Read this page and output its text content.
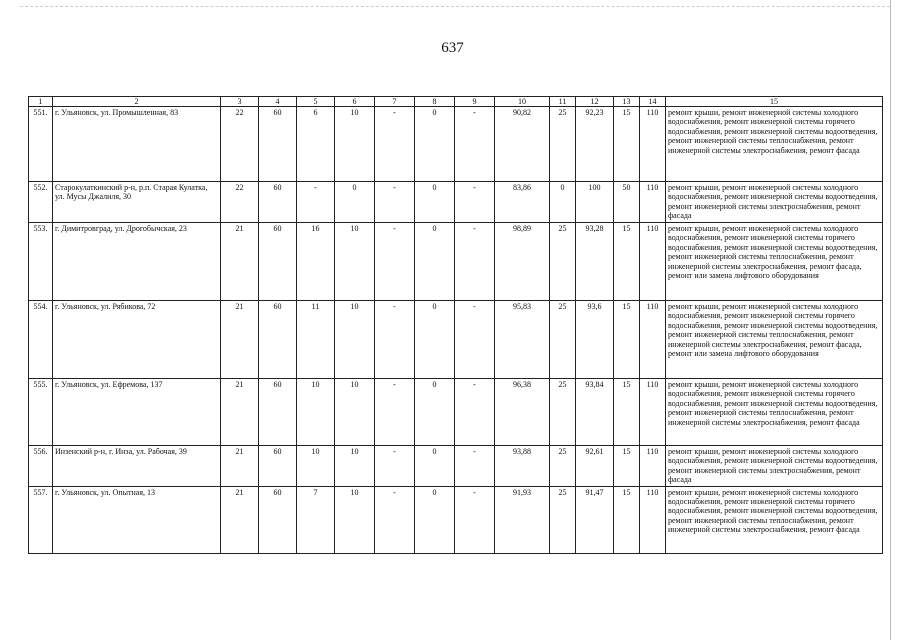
637
1	2	3	4	5	6	7	8	9	10	11	12	13	14	15
551.	г. Ульяновск, ул. Промышленная, 83	22	60	6	10	-	0	-	90,82	25	92,23	15	110	ремонт крыши, ремонт инженерной системы холодного водоснабжения, ремонт инженерной системы горячего водоснабжения, ремонт инженерной системы водоотведения, ремонт инженерной системы теплоснабжения, ремонт инженерной системы электроснабжения, ремонт фасада
552.	Старокулаткинский р-н, р.п. Старая Кулатка, ул. Мусы Джалиля, 30	22	60	-	0	-	0	-	83,86	0	100	50	110	ремонт крыши, ремонт инженерной системы холодного водоснабжения, ремонт инженерной системы водоотведения, ремонт инженерной системы электроснабжения, ремонт фасада
553.	г. Димитровград, ул. Дрогобычская, 23	21	60	16	10	-	0	-	98,89	25	93,28	15	110	ремонт крыши, ремонт инженерной системы холодного водоснабжения, ремонт инженерной системы горячего водоснабжения, ремонт инженерной системы водоотведения, ремонт инженерной системы теплоснабжения, ремонт инженерной системы электроснабжения, ремонт фасада, ремонт или замена лифтового оборудования
554.	г. Ульяновск, ул. Рябикова, 72	21	60	11	10	-	0	-	95,83	25	93,6	15	110	ремонт крыши, ремонт инженерной системы холодного водоснабжения, ремонт инженерной системы горячего водоснабжения, ремонт инженерной системы водоотведения, ремонт инженерной системы теплоснабжения, ремонт инженерной системы электроснабжения, ремонт фасада, ремонт или замена лифтового оборудования
555.	г. Ульяновск, ул. Ефремова, 137	21	60	10	10	-	0	-	96,38	25	93,84	15	110	ремонт крыши, ремонт инженерной системы холодного водоснабжения, ремонт инженерной системы горячего водоснабжения, ремонт инженерной системы водоотведения, ремонт инженерной системы теплоснабжения, ремонт инженерной системы электроснабжения, ремонт фасада
556.	Инзенский р-н, г. Инза, ул. Рабочая, 39	21	60	10	10	-	0	-	93,88	25	92,61	15	110	ремонт крыши, ремонт инженерной системы холодного водоснабжения, ремонт инженерной системы водоотведения, ремонт инженерной системы электроснабжения, ремонт фасада
557.	г. Ульяновск, ул. Опытная, 13	21	60	7	10	-	0	-	91,93	25	91,47	15	110	ремонт крыши, ремонт инженерной системы холодного водоснабжения, ремонт инженерной системы горячего водоснабжения, ремонт инженерной системы водоотведения, ремонт инженерной системы теплоснабжения, ремонт инженерной системы электроснабжения, ремонт фасада
